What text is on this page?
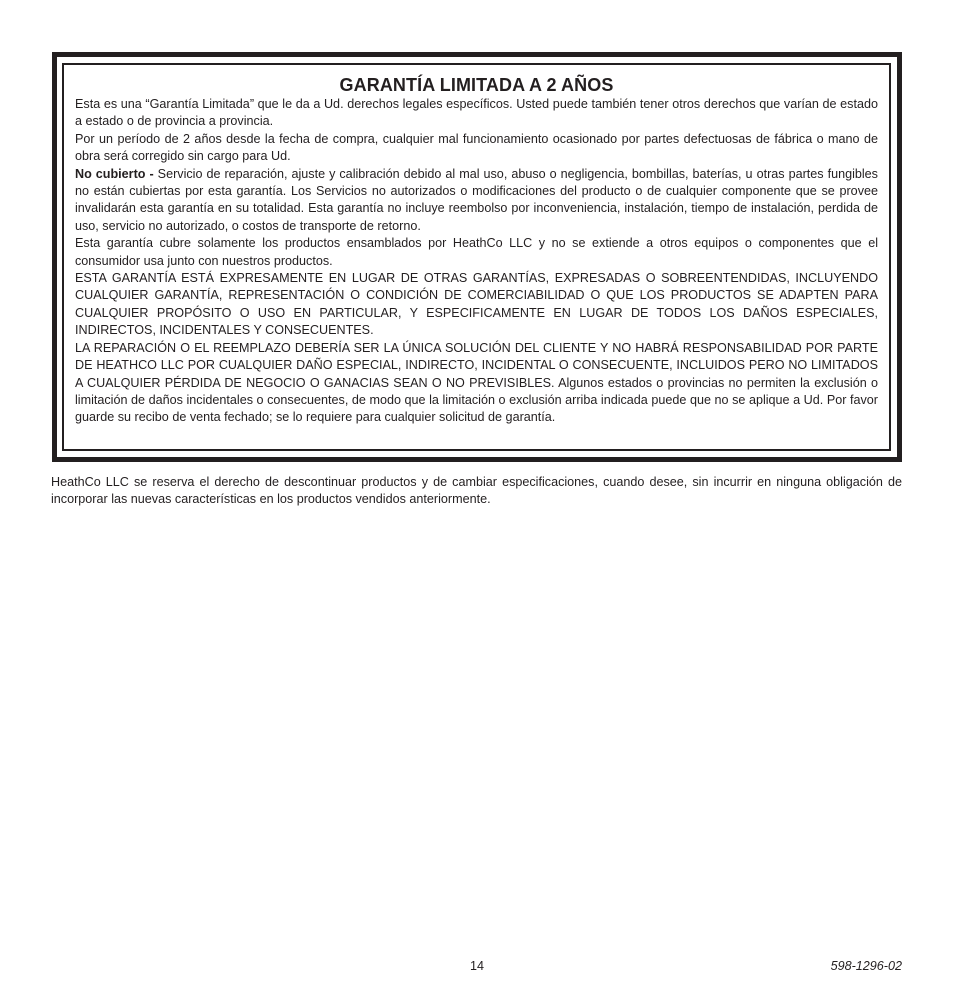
GARANTÍA LIMITADA A 2 AÑOS

Esta es una “Garantía Limitada” que le da a Ud. derechos legales específicos. Usted puede también tener otros derechos que varían de estado a estado o de provincia a provincia.

Por un período de 2 años desde la fecha de compra, cualquier mal funcionamiento ocasionado por partes defectuosas de fábrica o mano de obra será corregido sin cargo para Ud.

No cubierto - Servicio de reparación, ajuste y calibración debido al mal uso, abuso o negligencia, bombillas, baterías, u otras partes fungibles no están cubiertas por esta garantía. Los Servicios no autorizados o modificaciones del producto o de cualquier componente que se provee invalidarán esta garantía en su totalidad. Esta garantía no incluye reembolso por inconveniencia, instalación, tiempo de instalación, perdida de uso, servicio no autorizado, o costos de transporte de retorno.

Esta garantía cubre solamente los productos ensamblados por HeathCo LLC y no se extiende a otros equipos o componentes que el consumidor usa junto con nuestros productos.

ESTA GARANTÍA ESTÁ EXPRESAMENTE EN LUGAR DE OTRAS GARANTÍAS, EXPRESADAS O SOBREENTENDIDAS, INCLUYENDO CUALQUIER GARANTÍA, REPRESENTACIÓN O CONDICIÓN DE COMERCIABILIDAD O QUE LOS PRODUCTOS SE ADAPTEN PARA CUALQUIER PROPÓSITO O USO EN PARTICULAR, Y ESPECIFICAMENTE EN LUGAR DE TODOS LOS DAÑOS ESPECIALES, INDIRECTOS, INCIDENTALES Y CONSECUENTES.

LA REPARACIÓN O EL REEMPLAZO DEBERÍA SER LA ÚNICA SOLUCIÓN DEL CLIENTE Y NO HABRÁ RESPONSABILIDAD POR PARTE DE HEATHCO LLC POR CUALQUIER DAÑO ESPECIAL, INDIRECTO, INCIDENTAL O CONSECUENTE, INCLUIDOS PERO NO LIMITADOS A CUALQUIER PÉRDIDA DE NEGOCIO O GANACIAS SEAN O NO PREVISIBLES. Algunos estados o provincias no permiten la exclusión o limitación de daños incidentales o consecuentes, de modo que la limitación o exclusión arriba indicada puede que no se aplique a Ud. Por favor guarde su recibo de venta fechado; se lo requiere para cualquier solicitud de garantía.

HeathCo LLC se reserva el derecho de descontinuar productos y de cambiar especificaciones, cuando desee, sin incurrir en ninguna obligación de incorporar las nuevas características en los productos vendidos anteriormente.

14	598-1296-02
